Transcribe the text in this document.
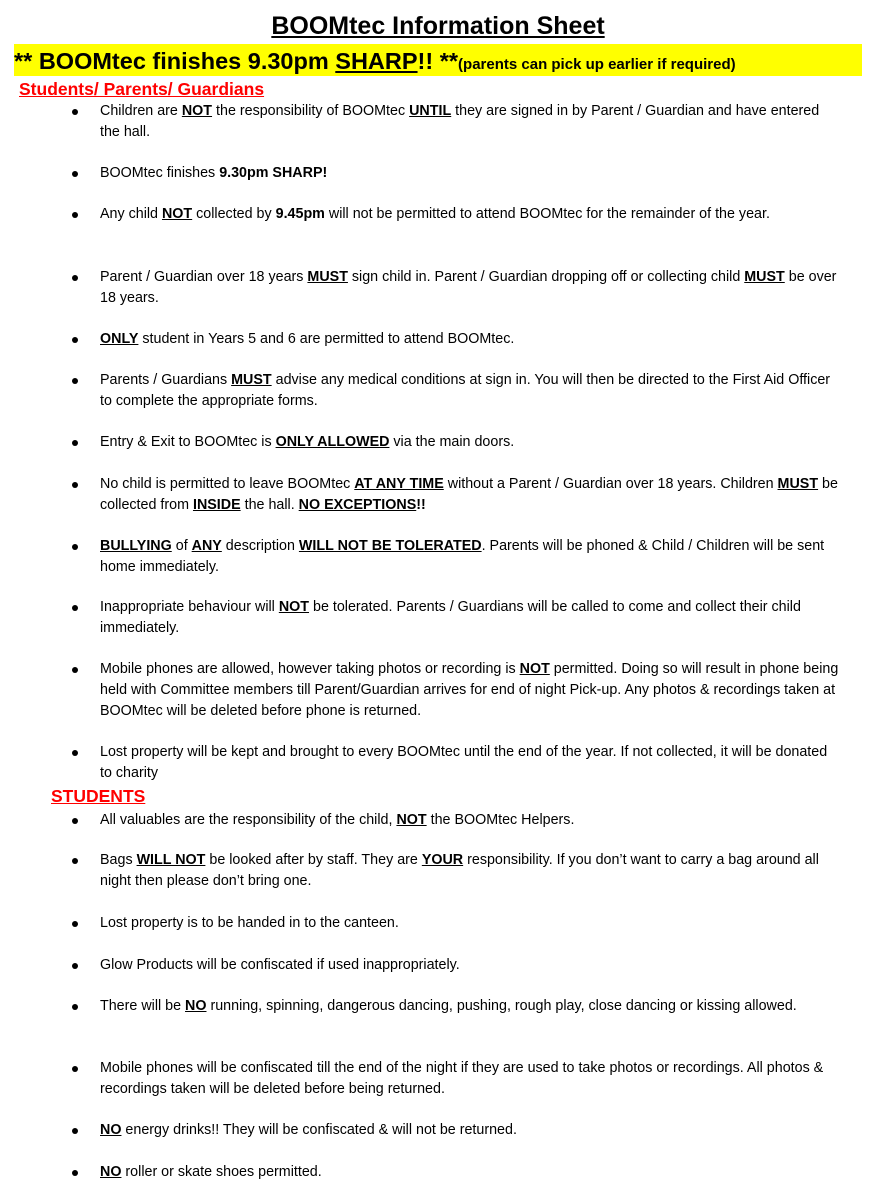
BOOMtec Information Sheet
** BOOMtec finishes 9.30pm SHARP!! **(parents can pick up earlier if required)
Students/ Parents/ Guardians
Children are NOT the responsibility of BOOMtec UNTIL they are signed in by Parent / Guardian and have entered the hall.
BOOMtec finishes 9.30pm SHARP!
Any child NOT collected by 9.45pm will not be permitted to attend BOOMtec for the remainder of the year.
Parent / Guardian over 18 years MUST sign child in. Parent / Guardian dropping off or collecting child MUST be over 18 years.
ONLY student in Years 5 and 6 are permitted to attend BOOMtec.
Parents / Guardians MUST advise any medical conditions at sign in. You will then be directed to the First Aid Officer to complete the appropriate forms.
Entry & Exit to BOOMtec is ONLY ALLOWED via the main doors.
No child is permitted to leave BOOMtec AT ANY TIME without a Parent / Guardian over 18 years. Children MUST be collected from INSIDE the hall. NO EXCEPTIONS!!
BULLYING of ANY description WILL NOT BE TOLERATED. Parents will be phoned & Child / Children will be sent home immediately.
Inappropriate behaviour will NOT be tolerated. Parents / Guardians will be called to come and collect their child immediately.
Mobile phones are allowed, however taking photos or recording is NOT permitted. Doing so will result in phone being held with Committee members till Parent/Guardian arrives for end of night Pick-up. Any photos & recordings taken at BOOMtec will be deleted before phone is returned.
Lost property will be kept and brought to every BOOMtec until the end of the year. If not collected, it will be donated to charity
STUDENTS
All valuables are the responsibility of the child, NOT the BOOMtec Helpers.
Bags WILL NOT be looked after by staff. They are YOUR responsibility. If you don’t want to carry a bag around all night then please don’t bring one.
Lost property is to be handed in to the canteen.
Glow Products will be confiscated if used inappropriately.
There will be NO running, spinning, dangerous dancing, pushing, rough play, close dancing or kissing allowed.
Mobile phones will be confiscated till the end of the night if they are used to take photos or recordings. All photos & recordings taken will be deleted before being returned.
NO energy drinks!! They will be confiscated & will not be returned.
NO roller or skate shoes permitted.
